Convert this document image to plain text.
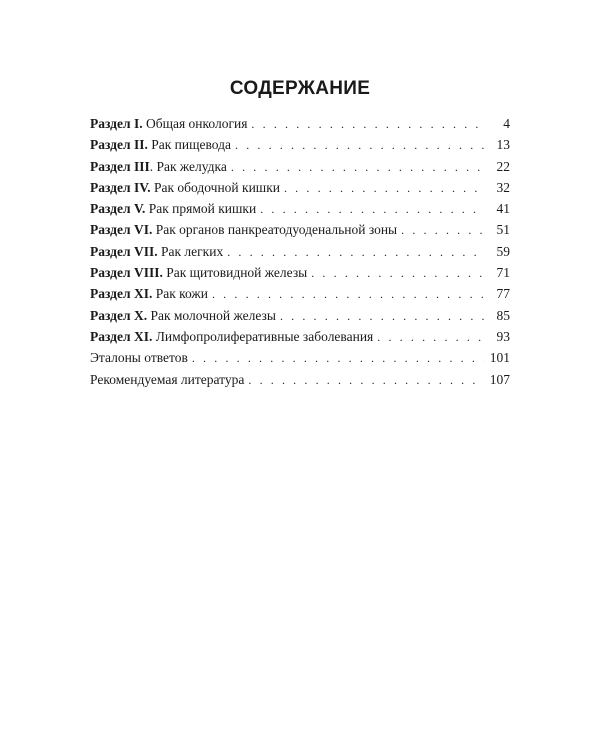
СОДЕРЖАНИЕ
Раздел I. Общая онкология . . .	4
Раздел II. Рак пищевода . . .	13
Раздел III. Рак желудка . . .	22
Раздел IV. Рак ободочной кишки . . .	32
Раздел V. Рак прямой кишки . . .	41
Раздел VI. Рак органов панкреатодуоденальной зоны . . .	51
Раздел VII. Рак легких . . .	59
Раздел VIII. Рак щитовидной железы . . .	71
Раздел XI. Рак кожи . . .	77
Раздел X. Рак молочной железы . . .	85
Раздел XI. Лимфопролиферативные заболевания . . .	93
Эталоны ответов . . .	101
Рекомендуемая литература . . .	107
